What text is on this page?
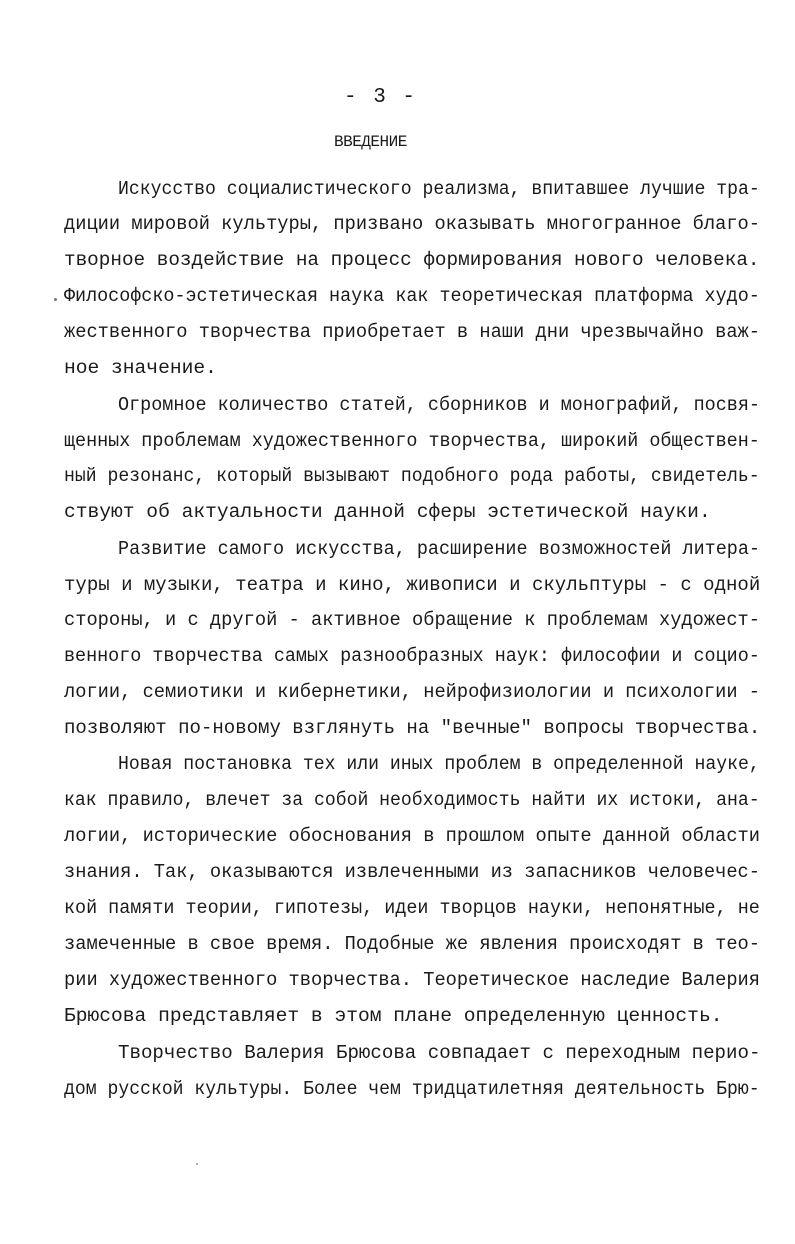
- 3 -
ВВЕДЕНИЕ
Искусство социалистического реализма, впитавшее лучшие тра-
диции мировой культуры, призвано оказывать многогранное благо-
творное воздействие на процесс формирования нового человека.
Философско-эстетическая наука как теоретическая платформа худо-
жественного творчества приобретает в наши дни чрезвычайно важ-
ное значение.
Огромное количество статей, сборников и монографий, посвя-
щенных проблемам художественного творчества, широкий обществен-
ный резонанс, который вызывают подобного рода работы, свидетель-
ствуют об актуальности данной сферы эстетической науки.
Развитие самого искусства, расширение возможностей литера-
туры и музыки, театра и кино, живописи и скульптуры - с одной
стороны, и с другой - активное обращение к проблемам художест-
венного творчества самых разнообразных наук: философии и социо-
логии, семиотики и кибернетики, нейрофизиологии и психологии -
позволяют по-новому взглянуть на "вечные" вопросы творчества.
Новая постановка тех или иных проблем в определенной науке,
как правило, влечет за собой необходимость найти их истоки, ана-
логии, исторические обоснования в прошлом опыте данной области
знания. Так, оказываются извлеченными из запасников человечес-
кой памяти теории, гипотезы, идеи творцов науки, непонятные, не
замеченные в свое время. Подобные же явления происходят в тео-
рии художественного творчества. Теоретическое наследие Валерия
Брюсова представляет в этом плане определенную ценность.
Творчество Валерия Брюсова совпадает с переходным перио-
дом русской культуры. Более чем тридцатилетняя деятельность Брю-
